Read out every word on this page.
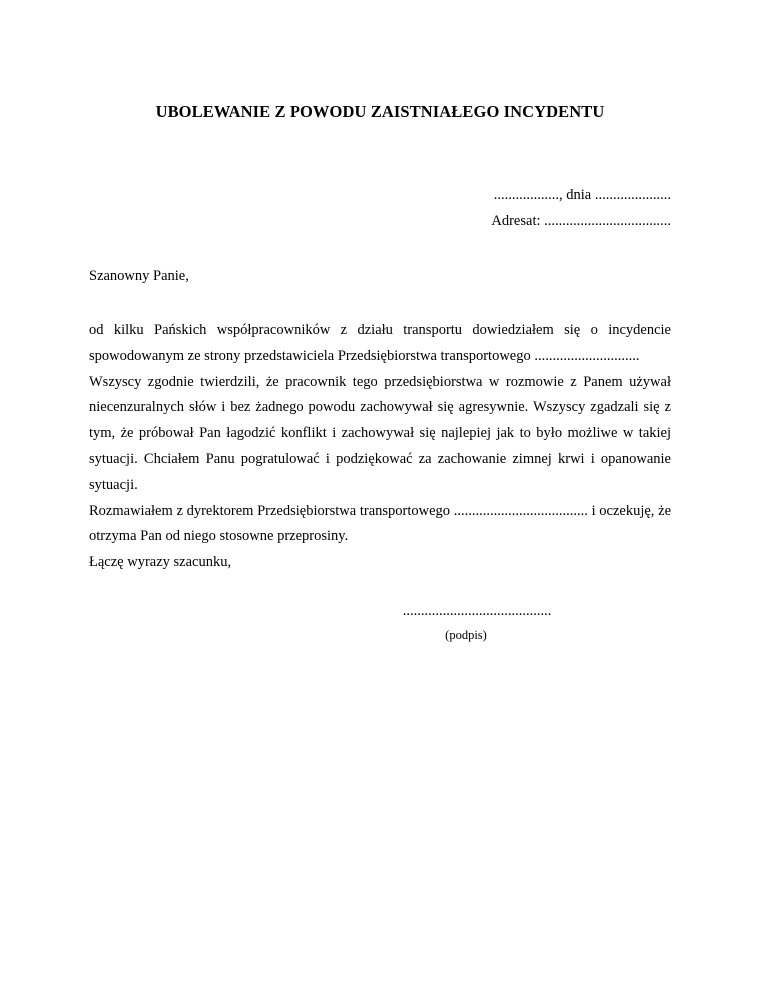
UBOLEWANIE Z POWODU ZAISTNIAŁEGO INCYDENTU
.................., dnia .....................
Adresat: ...................................
Szanowny Panie,

od kilku Pańskich współpracowników z działu transportu dowiedziałem się o incydencie spowodowanym ze strony przedstawiciela Przedsiębiorstwa transportowego .............................

Wszyscy zgodnie twierdzili, że pracownik tego przedsiębiorstwa w rozmowie z Panem używał niecenzuralnych słów i bez żadnego powodu zachowywał się agresywnie. Wszyscy zgadzali się z tym, że próbował Pan łagodzić konflikt i zachowywał się najlepiej jak to było możliwe w takiej sytuacji. Chciałem Panu pogratulować i podziękować za zachowanie zimnej krwi i opanowanie sytuacji.

Rozmawiałem z dyrektorem Przedsiębiorstwa transportowego ..................................... i oczekuję, że otrzyma Pan od niego stosowne przeprosiny.

Łączę wyrazy szacunku,

.........................................
(podpis)
